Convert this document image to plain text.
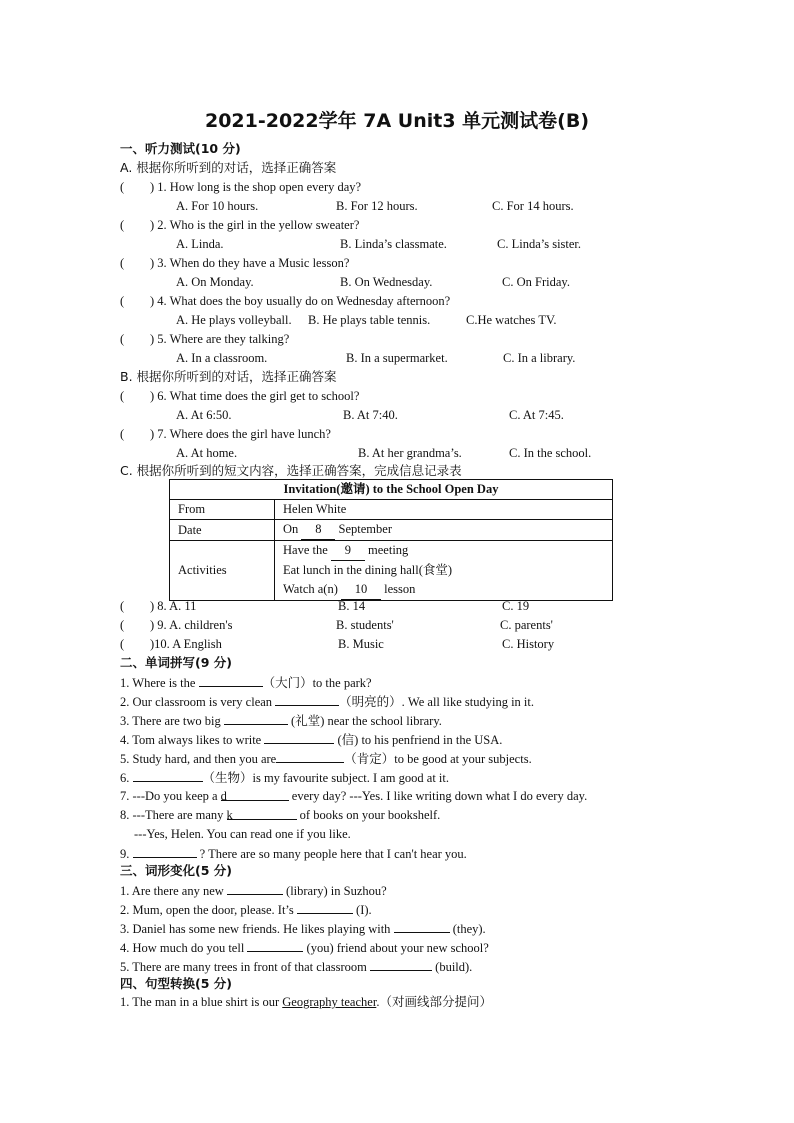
2021-2022学年 7A Unit3 单元测试卷(B)
一、听力测试(10 分)
A. 根据你所听到的对话，选择正确答案
( ) 1. How long is the shop open every day?
A. For 10 hours.	B. For 12 hours.	C. For 14 hours.
( ) 2. Who is the girl in the yellow sweater?
A. Linda.	B. Linda’s classmate.	C. Linda’s sister.
( ) 3. When do they have a Music lesson?
A. On Monday.	B. On Wednesday.	C. On Friday.
( ) 4. What does the boy usually do on Wednesday afternoon?
A. He plays volleyball. B. He plays table tennis.	C.He watches TV.
( ) 5. Where are they talking?
A. In a classroom.	B. In a supermarket.	C. In a library.
B. 根据你所听到的对话，选择正确答案
( ) 6. What time does the girl get to school?
A. At 6:50.	B. At 7:40.	C. At 7:45.
( ) 7. Where does the girl have lunch?
A. At home.	B. At her grandma’s.	C. In the school.
C. 根据你所听到的短文内容，选择正确答案，完成信息记录表
Invitation(邀请) to the School Open Day	
From	Helen White
Date	On 8 September
Activities	Have the 9 meeting
Eat lunch in the dining hall(食堂)
Watch a(n) 10 lesson
( ) 8. A. 11	B. 14	C. 19
( ) 9. A. children's	B. students'	C. parents'
( )10. A English	B. Music	C. History
二、单词拼写(9 分)
1. Where is the	（大门）to the park?
2. Our classroom is very clean	（明亮的）. We all like studying in it.
3. There are two big	(礼堂) near the school library.
4. Tom always likes to write	(信) to his penfriend in the USA.
5. Study hard, and then you are	（肯定）to be good at your subjects.
6.	（生物）is my favourite subject. I am good at it.
7. ---Do you keep a d	every day? ---Yes. I like writing down what I do every day.
8. ---There are many k	of books on your bookshelf.
---Yes, Helen. You can read one if you like.
9.	? There are so many people here that I can't hear you.
三、词形变化(5 分)
1. Are there any new	(library) in Suzhou?
2. Mum, open the door, please. It’s	(I).
3. Daniel has some new friends. He likes playing with	(they).
4. How much do you tell	(you) friend about your new school?
5. There are many trees in front of that classroom	(build).
四、句型转换(5 分)
1. The man in a blue shirt is our Geography teacher.（对画线部分提问）
